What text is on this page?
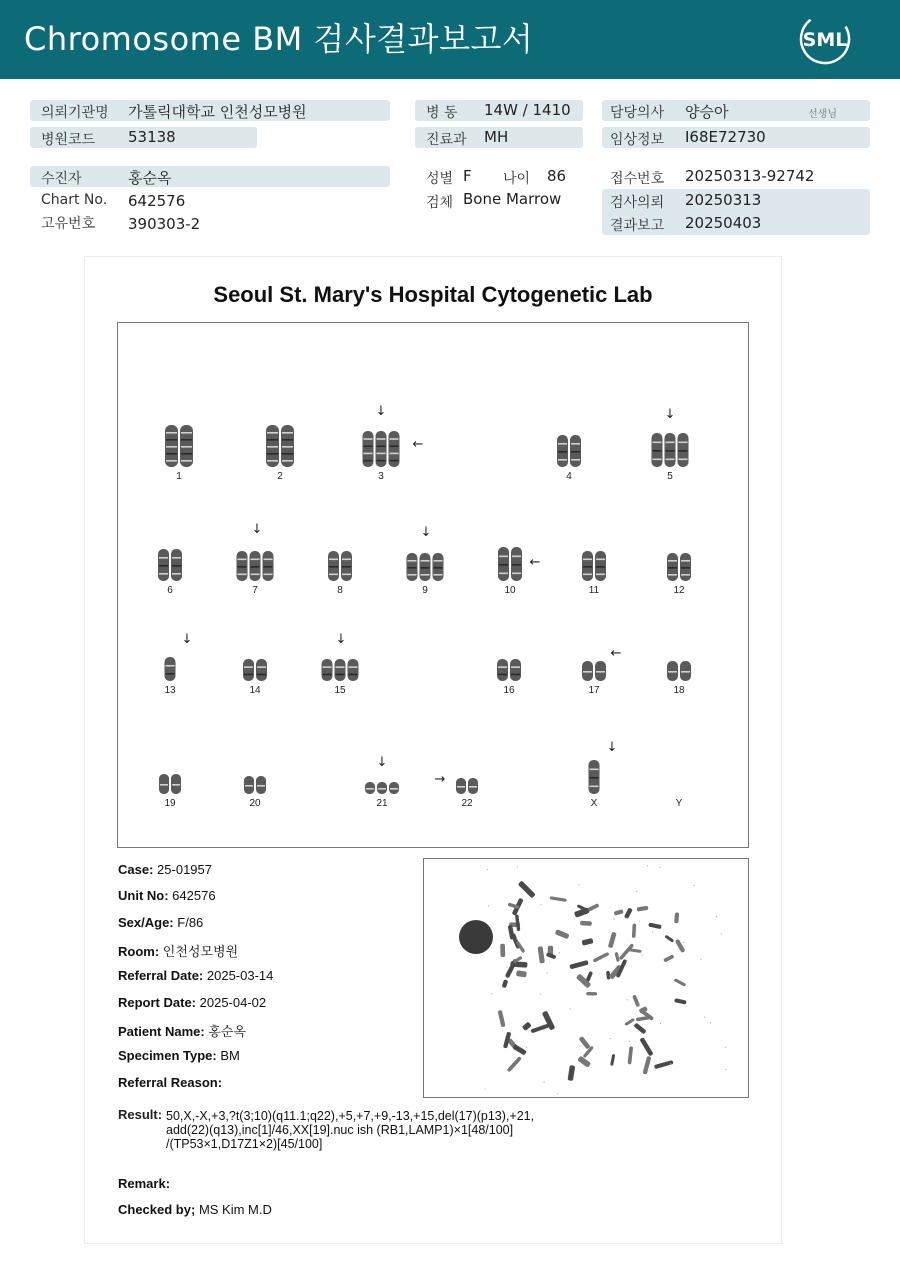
Chromosome BM 검사결과보고서	SML
의뢰기관명 가톨릭대학교 인천성모병원
병원코드 53138
병 동 14W / 1410
진료과 MH
담당의사 양승아	선생님
임상정보 I68E72730
수진자	홍순옥
Chart No. 642576
고유번호 390303-2
성별 F 나이 86
검체 Bone Marrow
접수번호 20250313-92742
검사의뢰 20250313
결과보고 20250403
Seoul St. Mary's Hospital Cytogenetic Lab
1	2	3	4	5
6	7	8	9	10	11	12
13	14	15	16	17	18
19	20	21	22	X	Y
↓
←
↓
↓	↓
←
↓	↓
←
↓
→
↓
Case: 25-01957
Unit No: 642576
Sex/Age: F/86
Room: 인천성모병원
Referral Date: 2025-03-14
Report Date: 2025-04-02
Patient Name: 홍순옥
Specimen Type: BM
Referral Reason:
Result: 50,X,-X,+3,?t(3;10)(q11.1;q22),+5,+7,+9,-13,+15,del(17)(p13),+21,
add(22)(q13),inc[1]/46,XX[19].nuc ish (RB1,LAMP1)×1[48/100]
/(TP53×1,D17Z1×2)[45/100]
Remark:
Checked by; MS Kim M.D
